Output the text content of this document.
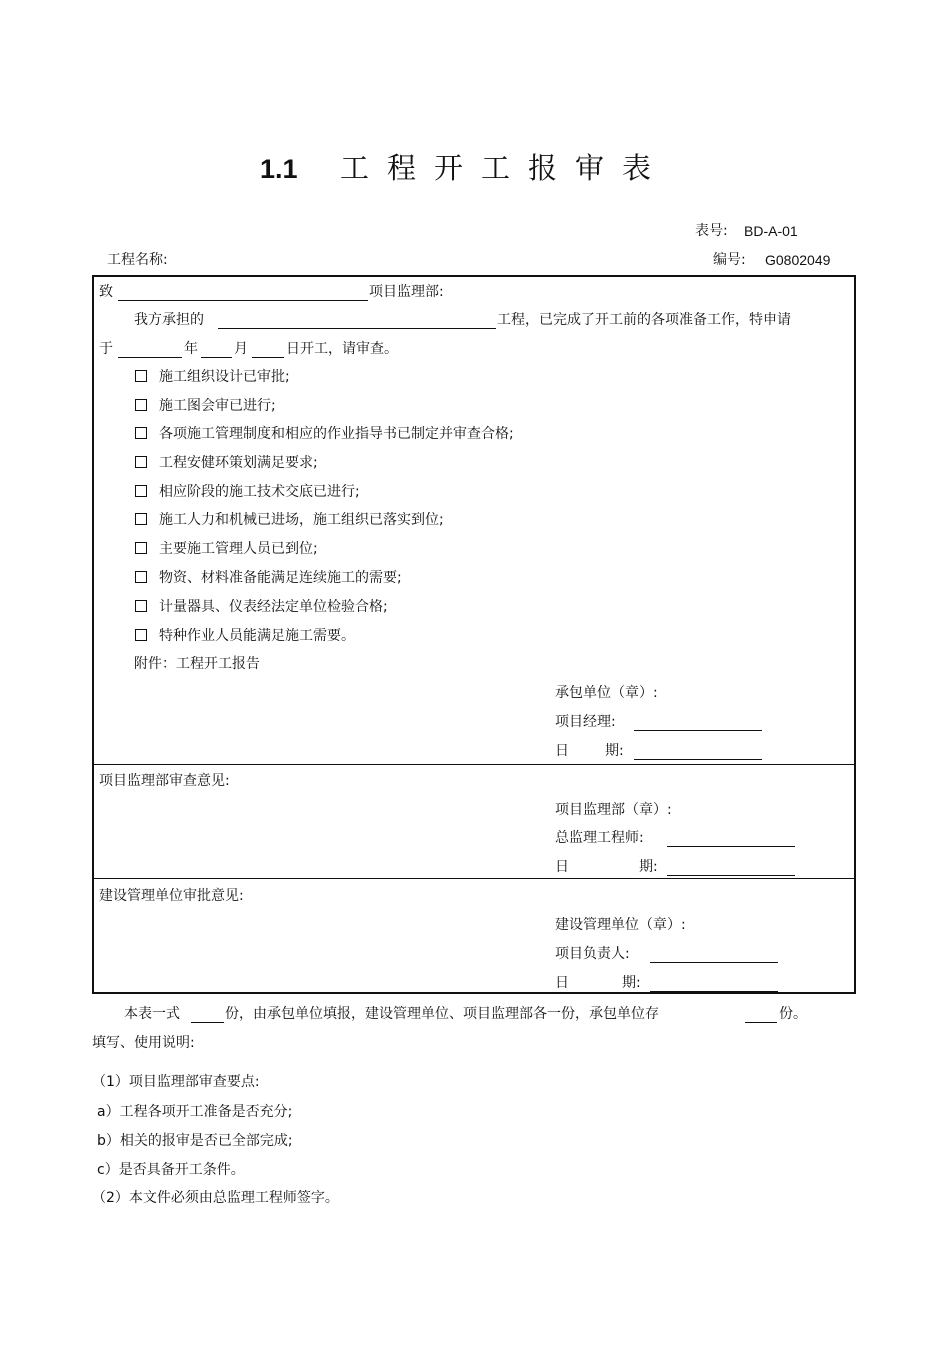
1.1 工程开工报审表
表号: BD-A-01
工程名称:	编号: G0802049
致	项目监理部:
我方承担的	工程，已完成了开工前的各项准备工作，特申请
于	年	月	日开工，请审查。
施工组织设计已审批;
施工图会审已进行;
各项施工管理制度和相应的作业指导书已制定并审查合格;
工程安健环策划满足要求;
相应阶段的施工技术交底已进行;
施工人力和机械已进场，施工组织已落实到位;
主要施工管理人员已到位;
物资、材料准备能满足连续施工的需要;
计量器具、仪表经法定单位检验合格;
特种作业人员能满足施工需要。
附件：工程开工报告
承包单位（章）:
项目经理:
日	期:
项目监理部审查意见:
项目监理部（章）:
总监理工程师:
日	期:
建设管理单位审批意见:
建设管理单位（章）:
项目负责人:
日	期:
本表一式	份，由承包单位填报，建设管理单位、项目监理部各一份，承包单位存	份。
填写、使用说明:
（1）项目监理部审查要点:
a）工程各项开工准备是否充分;
b）相关的报审是否已全部完成;
c）是否具备开工条件。
（2）本文件必须由总监理工程师签字。
